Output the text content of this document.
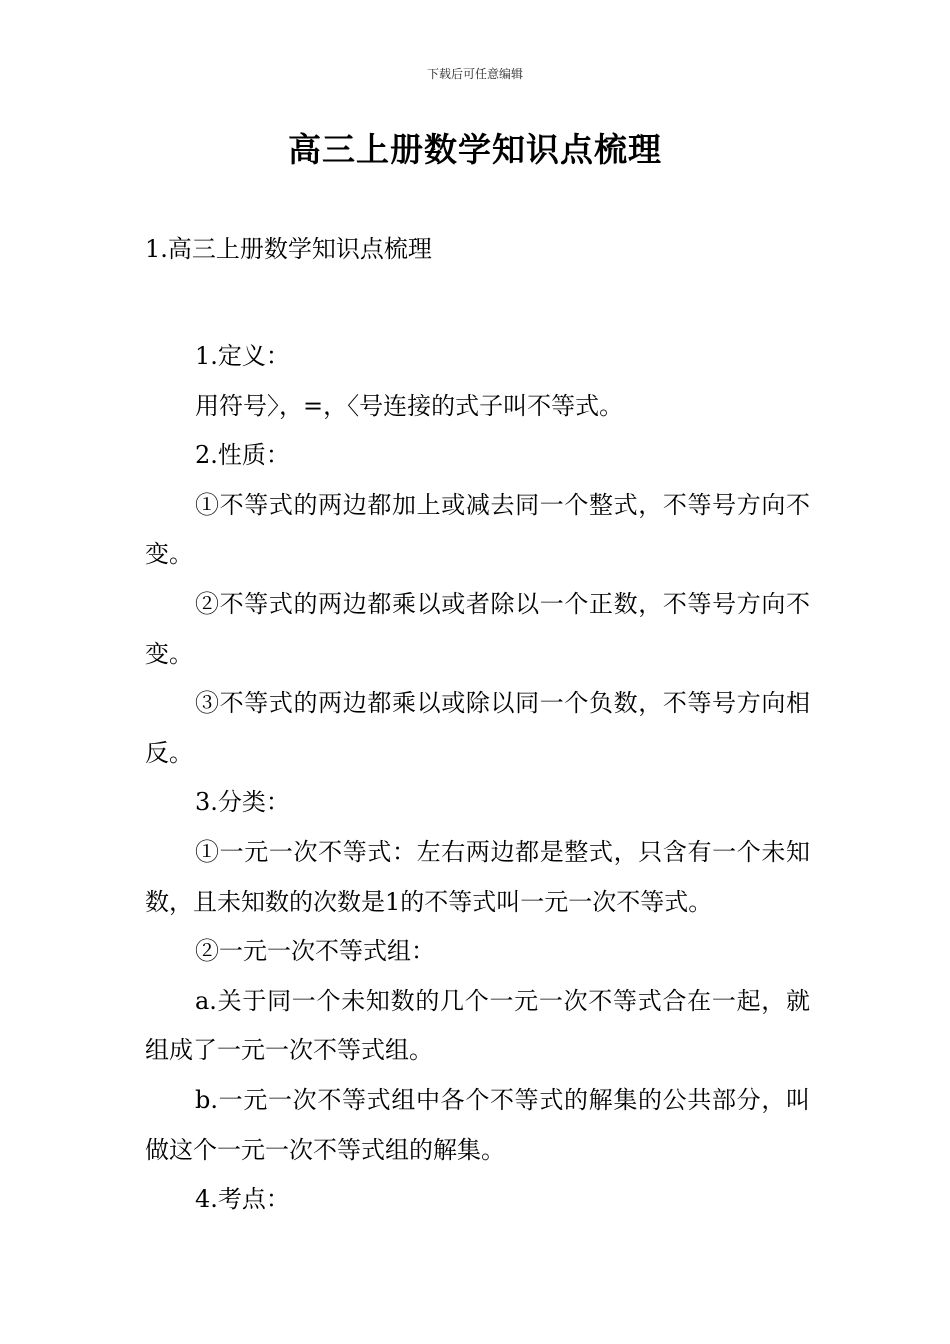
下载后可任意编辑
高三上册数学知识点梳理
1.高三上册数学知识点梳理

1.定义：

用符号〉，=，〈号连接的式子叫不等式。

2.性质：

①不等式的两边都加上或减去同一个整式，不等号方向不变。

②不等式的两边都乘以或者除以一个正数，不等号方向不变。

③不等式的两边都乘以或除以同一个负数，不等号方向相反。

3.分类：

①一元一次不等式：左右两边都是整式，只含有一个未知数，且未知数的次数是1的不等式叫一元一次不等式。

②一元一次不等式组：

a.关于同一个未知数的几个一元一次不等式合在一起，就组成了一元一次不等式组。

b.一元一次不等式组中各个不等式的解集的公共部分，叫做这个一元一次不等式组的解集。

4.考点：
